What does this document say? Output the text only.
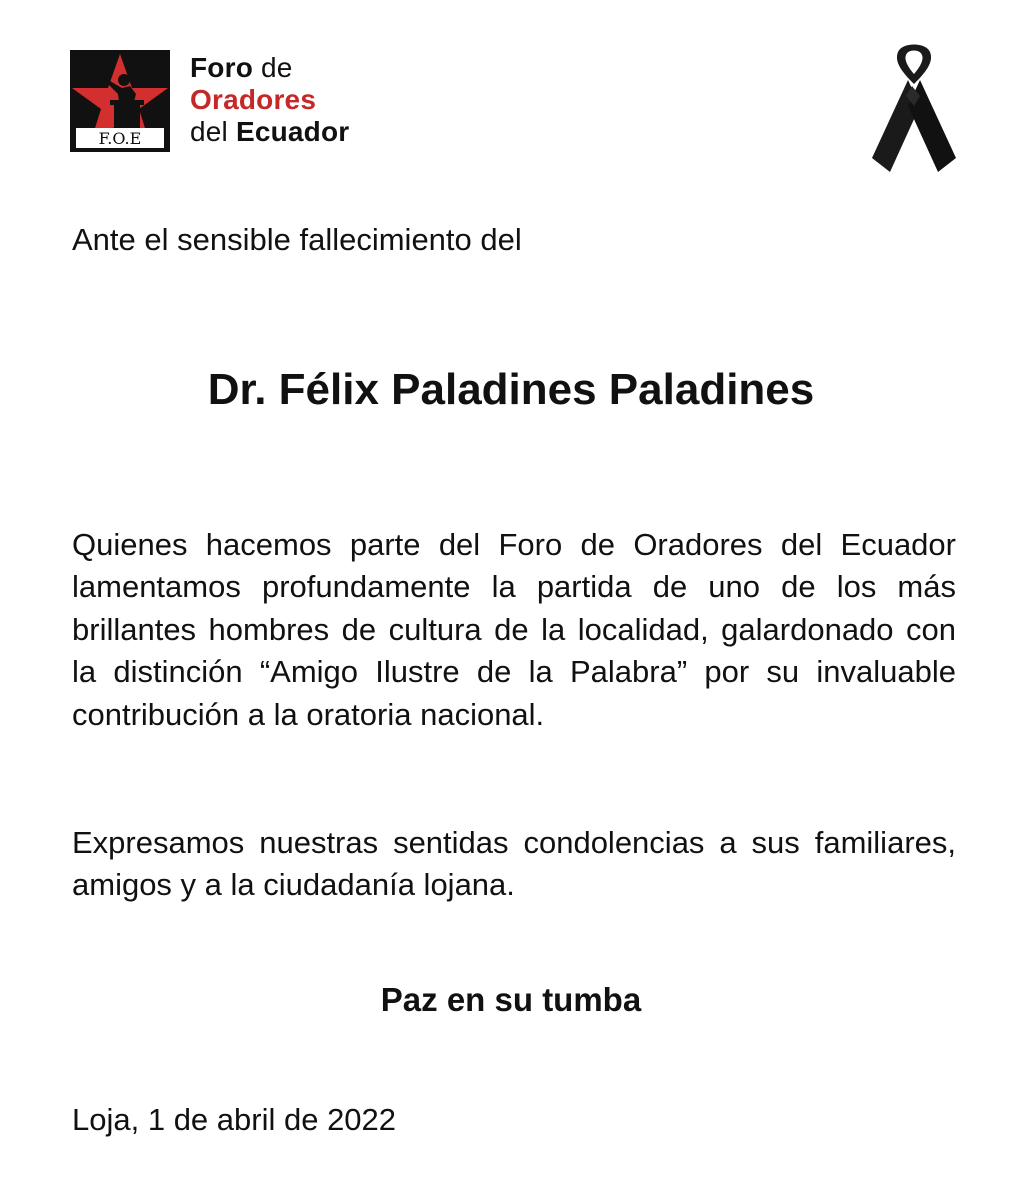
F.O.E
Foro de
Oradores
del Ecuador
Ante el sensible fallecimiento del
Dr. Félix Paladines Paladines
Quienes hacemos parte del Foro de Oradores del Ecuador lamentamos profundamente la partida de uno de los más brillantes hombres de cultura de la localidad, galardonado con la distinción “Amigo Ilustre de la Palabra” por su invaluable contribución a la oratoria nacional.
Expresamos nuestras sentidas condolencias a sus familiares, amigos y a la ciudadanía lojana.
Paz en su tumba
Loja, 1 de abril de 2022
